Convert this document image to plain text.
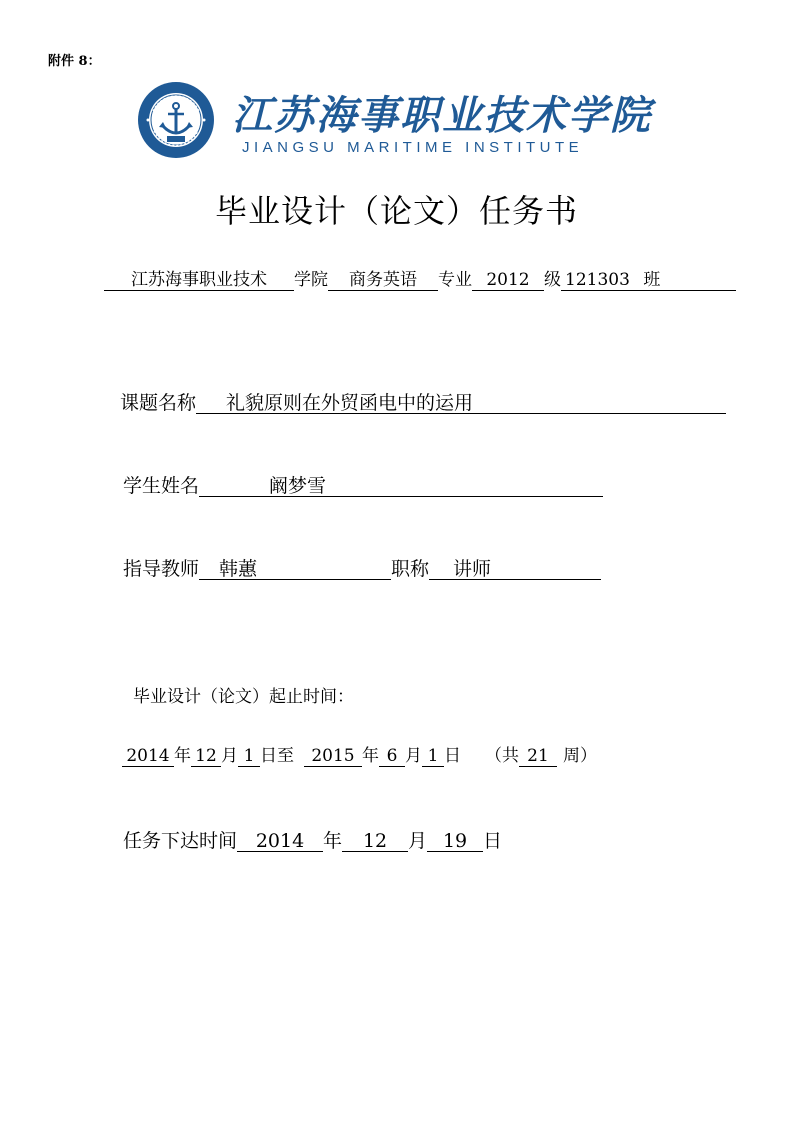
附件 8：
江苏海事职业技术学院
JIANGSU MARITIME INSTITUTE
毕业设计（论文）任务书
江苏海事职业技术 学院 商务英语 专业 2012 级 121303 班
课题名称 礼貌原则在外贸函电中的运用
学生姓名	阚梦雪
指导教师 韩蕙	职称 讲师
毕业设计（论文）起止时间：
2014 年 12 月 1 日至 2015 年 6 月 1 日 （共 21 周）
任务下达时间 2014 年 12 月 19 日
